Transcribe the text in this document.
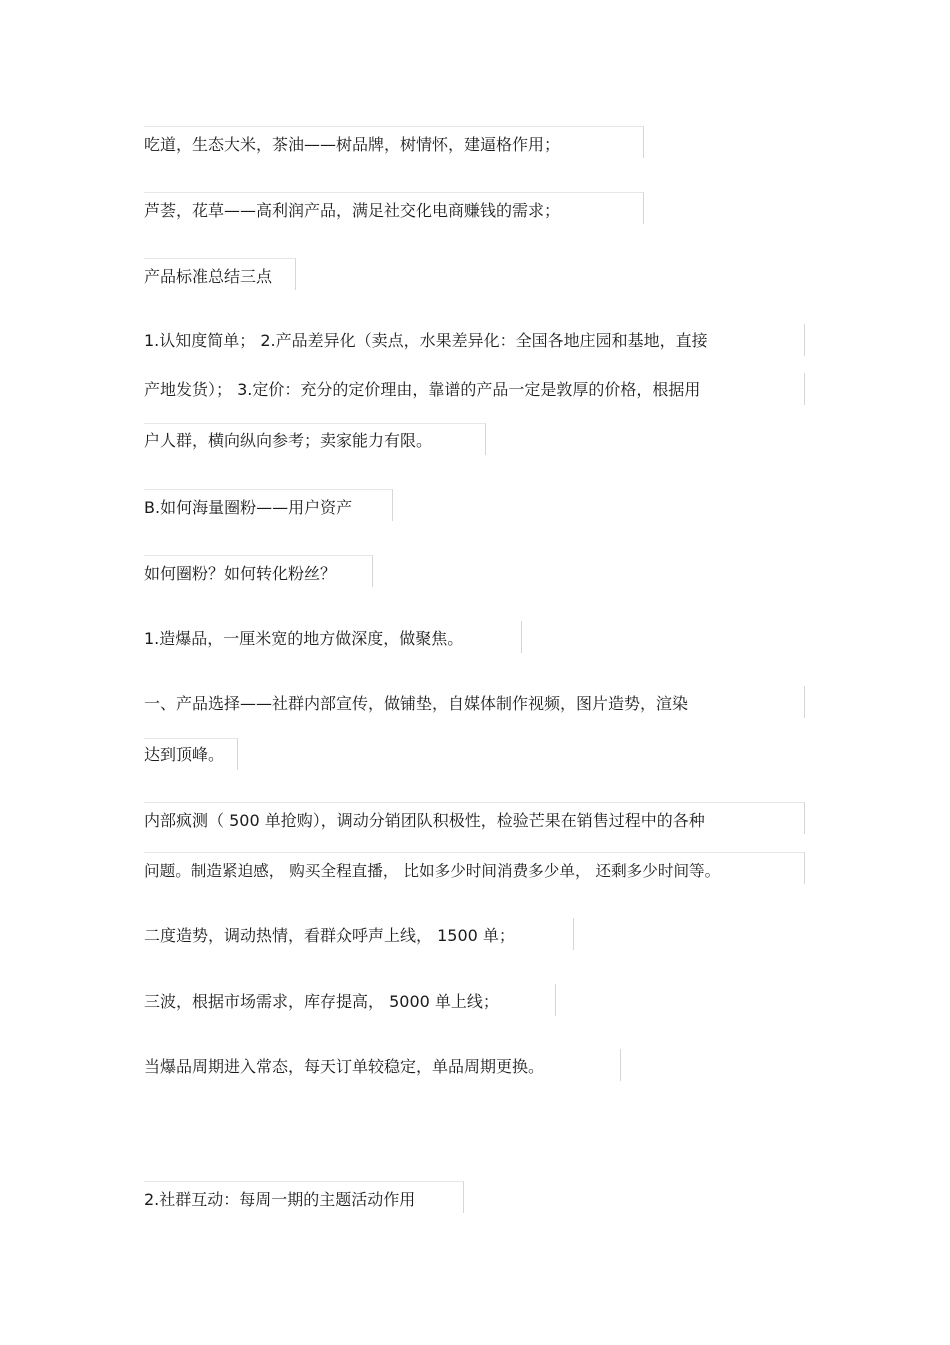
吃道，生态大米，茶油——树品牌，树情怀，建逼格作用；
芦荟，花草——高利润产品，满足社交化电商赚钱的需求；
产品标准总结三点
1.认知度简单； 2.产品差异化（卖点，水果差异化：全国各地庄园和基地，直接
产地发货）； 3.定价：充分的定价理由，靠谱的产品一定是敦厚的价格，根据用
户人群，横向纵向参考；卖家能力有限。
B.如何海量圈粉——用户资产
如何圈粉？如何转化粉丝？
1.造爆品，一厘米宽的地方做深度，做聚焦。
一、产品选择——社群内部宣传，做铺垫，自媒体制作视频，图片造势，渲染
达到顶峰。
内部疯测（ 500 单抢购），调动分销团队积极性，检验芒果在销售过程中的各种
问题。制造紧迫感， 购买全程直播， 比如多少时间消费多少单， 还剩多少时间等。
二度造势，调动热情，看群众呼声上线， 1500 单；
三波，根据市场需求，库存提高， 5000 单上线；
当爆品周期进入常态，每天订单较稳定，单品周期更换。
2.社群互动：每周一期的主题活动作用
